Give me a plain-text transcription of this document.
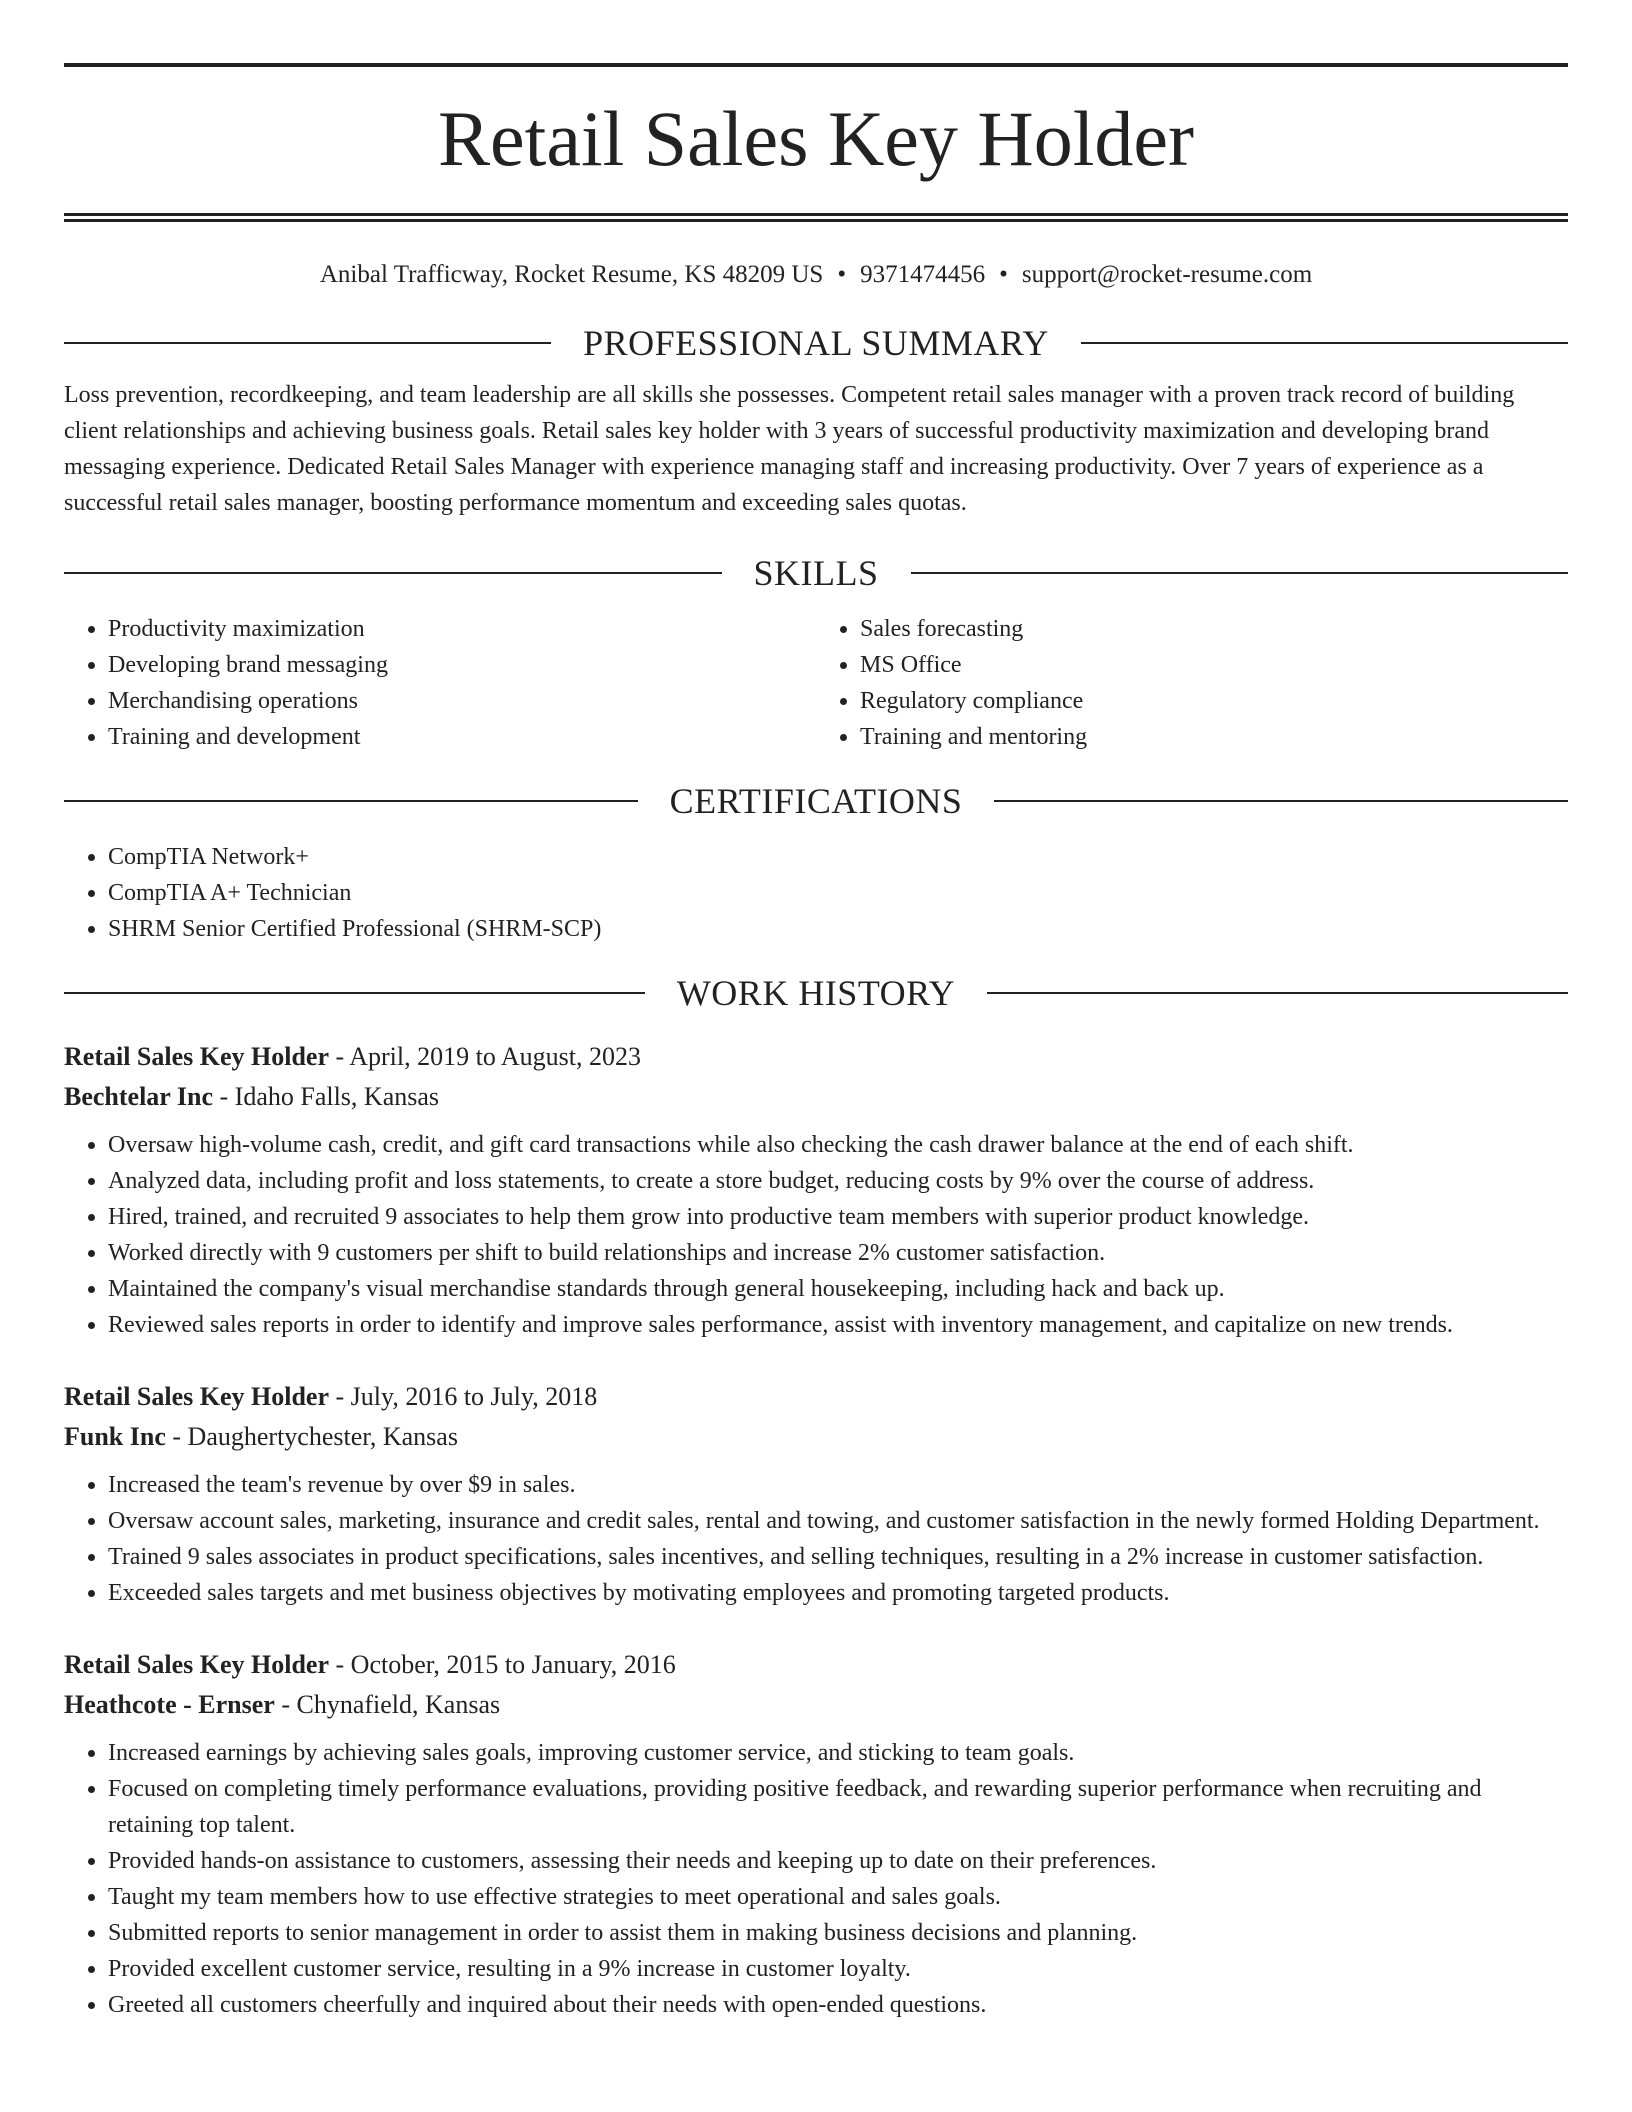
Retail Sales Key Holder
Anibal Trafficway, Rocket Resume, KS 48209 US • 9371474456 • support@rocket-resume.com
PROFESSIONAL SUMMARY

Loss prevention, recordkeeping, and team leadership are all skills she possesses. Competent retail sales manager with a proven track record of building client relationships and achieving business goals. Retail sales key holder with 3 years of successful productivity maximization and developing brand messaging experience. Dedicated Retail Sales Manager with experience managing staff and increasing productivity. Over 7 years of experience as a successful retail sales manager, boosting performance momentum and exceeding sales quotas.

SKILLS
• Productivity maximization
• Developing brand messaging
• Merchandising operations
• Training and development
• Sales forecasting
• MS Office
• Regulatory compliance
• Training and mentoring
CERTIFICATIONS
• CompTIA Network+
• CompTIA A+ Technician
• SHRM Senior Certified Professional (SHRM-SCP)
WORK HISTORY
Retail Sales Key Holder - April, 2019 to August, 2023
Bechtelar Inc - Idaho Falls, Kansas
• Oversaw high-volume cash, credit, and gift card transactions while also checking the cash drawer balance at the end of each shift.
• Analyzed data, including profit and loss statements, to create a store budget, reducing costs by 9% over the course of address.
• Hired, trained, and recruited 9 associates to help them grow into productive team members with superior product knowledge.
• Worked directly with 9 customers per shift to build relationships and increase 2% customer satisfaction.
• Maintained the company's visual merchandise standards through general housekeeping, including hack and back up.
• Reviewed sales reports in order to identify and improve sales performance, assist with inventory management, and capitalize on new trends.
Retail Sales Key Holder - July, 2016 to July, 2018
Funk Inc - Daughertychester, Kansas
• Increased the team's revenue by over $9 in sales.
• Oversaw account sales, marketing, insurance and credit sales, rental and towing, and customer satisfaction in the newly formed Holding Department.
• Trained 9 sales associates in product specifications, sales incentives, and selling techniques, resulting in a 2% increase in customer satisfaction.
• Exceeded sales targets and met business objectives by motivating employees and promoting targeted products.
Retail Sales Key Holder - October, 2015 to January, 2016
Heathcote - Ernser - Chynafield, Kansas
• Increased earnings by achieving sales goals, improving customer service, and sticking to team goals.
• Focused on completing timely performance evaluations, providing positive feedback, and rewarding superior performance when recruiting and retaining top talent.
• Provided hands-on assistance to customers, assessing their needs and keeping up to date on their preferences.
• Taught my team members how to use effective strategies to meet operational and sales goals.
• Submitted reports to senior management in order to assist them in making business decisions and planning.
• Provided excellent customer service, resulting in a 9% increase in customer loyalty.
• Greeted all customers cheerfully and inquired about their needs with open-ended questions.
